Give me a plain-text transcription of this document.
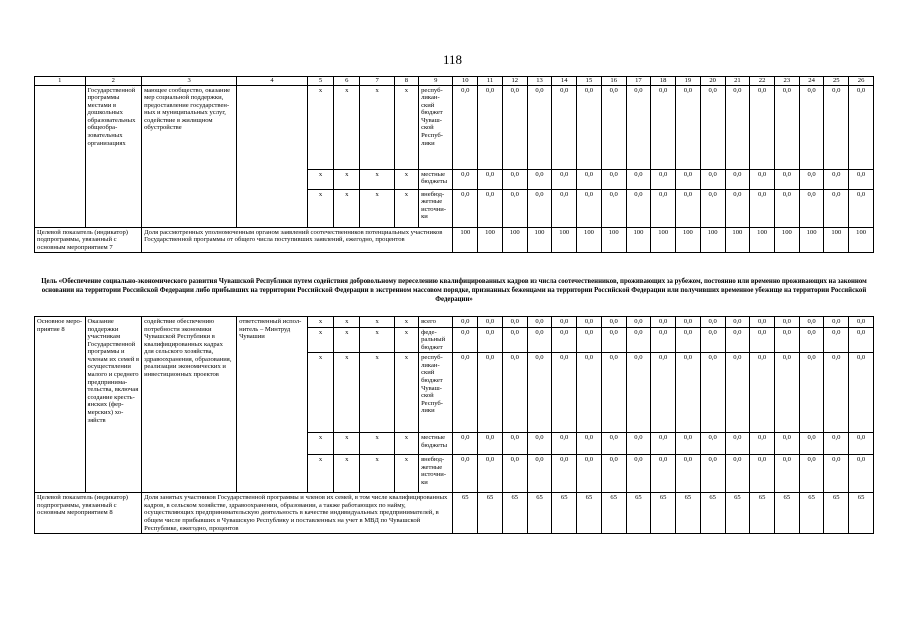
118
1	2	3	4	5	6	7	8	9	10	11	12	13	14	15	16	17	18	19	20	21	22	23	24	25	26
	Государственной программы местами в дошкольных образовательных общеобразовательных организациях	мающее сообщество, оказание мер социальной поддержки, предоставление государственных и муниципальных услуг, содействие в жилищном обустройстве		x	x	x	x	республиканский бюджет Чувашской Республики	0,0	0,0	0,0	0,0	0,0	0,0	0,0	0,0	0,0	0,0	0,0	0,0	0,0	0,0	0,0	0,0	0,0
				x	x	x	x	местные бюджеты	0,0	0,0	0,0	0,0	0,0	0,0	0,0	0,0	0,0	0,0	0,0	0,0	0,0	0,0	0,0	0,0	0,0
				x	x	x	x	внебюджетные источники	0,0	0,0	0,0	0,0	0,0	0,0	0,0	0,0	0,0	0,0	0,0	0,0	0,0	0,0	0,0	0,0	0,0
Целевой показатель (индикатор) подпрограммы, увязанный с основным мероприятием 7		Доля рассмотренных уполномоченным органом заявлений соотечественников потенциальных участников Государственной программы от общего числа поступивших заявлений, ежегодно, процентов							100	100	100	100	100	100	100	100	100	100	100	100	100	100	100	100	100
Цель «Обеспечение социально-экономического развития Чувашской Республики путем содействия добровольному переселению квалифицированных кадров из числа соотечественников, проживающих за рубежом, постоянно или временно проживающих на законном основании на территории Российской Федерации либо прибывших на территории Российской Федерации в экстренном массовом порядке, признанных беженцами на территории Российской Федерации или получивших временное убежище на территории Российской Федерации»
Основное мероприятие 8	Оказание поддержки участникам Государственной программы и членам их семей в осуществлении малого и среднего предпринимательства, включая создание крестьянских (фермерских) хозяйств	содействие обеспечению потребности экономики Чувашской Республики в квалифицированных кадрах для сельского хозяйства, здравоохранения, образования, реализации экономических и инвестиционных проектов	ответственный исполнитель – Минтруд Чувашии	x	x	x	x	всего	0,0	0,0	0,0	0,0	0,0	0,0	0,0	0,0	0,0	0,0	0,0	0,0	0,0	0,0	0,0	0,0	0,0
				x	x	x	x	федеральный бюджет	0,0	0,0	0,0	0,0	0,0	0,0	0,0	0,0	0,0	0,0	0,0	0,0	0,0	0,0	0,0	0,0	0,0
				x	x	x	x	республиканский бюджет Чувашской Республики	0,0	0,0	0,0	0,0	0,0	0,0	0,0	0,0	0,0	0,0	0,0	0,0	0,0	0,0	0,0	0,0	0,0
				x	x	x	x	местные бюджеты	0,0	0,0	0,0	0,0	0,0	0,0	0,0	0,0	0,0	0,0	0,0	0,0	0,0	0,0	0,0	0,0	0,0
				x	x	x	x	внебюджетные источники	0,0	0,0	0,0	0,0	0,0	0,0	0,0	0,0	0,0	0,0	0,0	0,0	0,0	0,0	0,0	0,0	0,0
Целевой показатель (индикатор) подпрограммы, увязанный с основным мероприятием 8		Доля занятых участников Государственной программы и членов их семей, в том числе квалифицированных кадров, в сельском хозяйстве, здравоохранении, образовании, а также работающих по найму, осуществляющих предпринимательскую деятельность в качестве индивидуальных предпринимателей, в общем числе прибывших в Чувашскую Республику и поставленных на учет в МВД по Чувашской Республике, ежегодно, процентов							65	65	65	65	65	65	65	65	65	65	65	65	65	65	65	65	65
